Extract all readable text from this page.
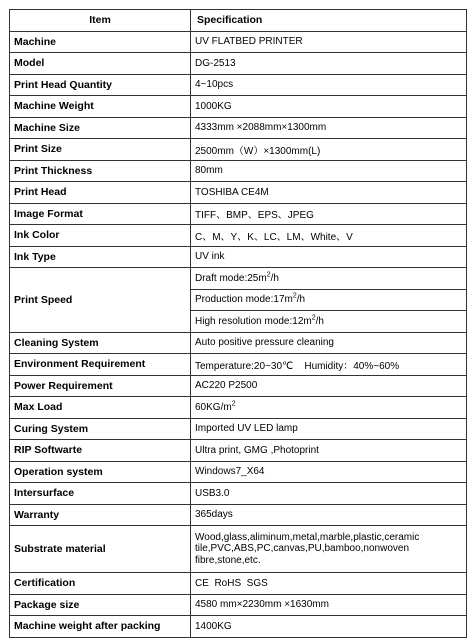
Item	Specification
Machine	UV FLATBED PRINTER
Model	DG-2513
Print Head Quantity	4~10pcs
Machine Weight	1000KG
Machine Size	4333mm ×2088mm×1300mm
Print Size	2500mm（W）×1300mm(L)
Print Thickness	80mm
Print Head	TOSHIBA CE4M
Image Format	TIFF、BMP、EPS、JPEG
Ink Color	C、M、Y、K、LC、LM、White、V
Ink Type	UV ink
Print Speed	Draft $mode:25m^2/h$
	Production $mode:17m^2/h$
	High resolution $mode:12m^2/h$
Cleaning System	Auto positive pressure cleaning
Environment Requirement	Temperature:20~30℃    Humidity：40%~60%
Power Requirement	AC220 P2500
Max Load	$60KG/m^2$
Curing System	Imported UV LED lamp
RIP Softwarte	Ultra print, GMG ,Photoprint
Operation system	Windows7_X64
Intersurface	USB3.0
Warranty	365days
Substrate material	Wood,glass,aliminum,metal,marble,plastic,ceramic tile,PVC,ABS,PC,canvas,PU,bamboo,nonwoven fibre,stone,etc.
Certification	CE  RoHS  SGS
Package size	4580 mm×2230mm ×1630mm
Machine weight after packing	1400KG
